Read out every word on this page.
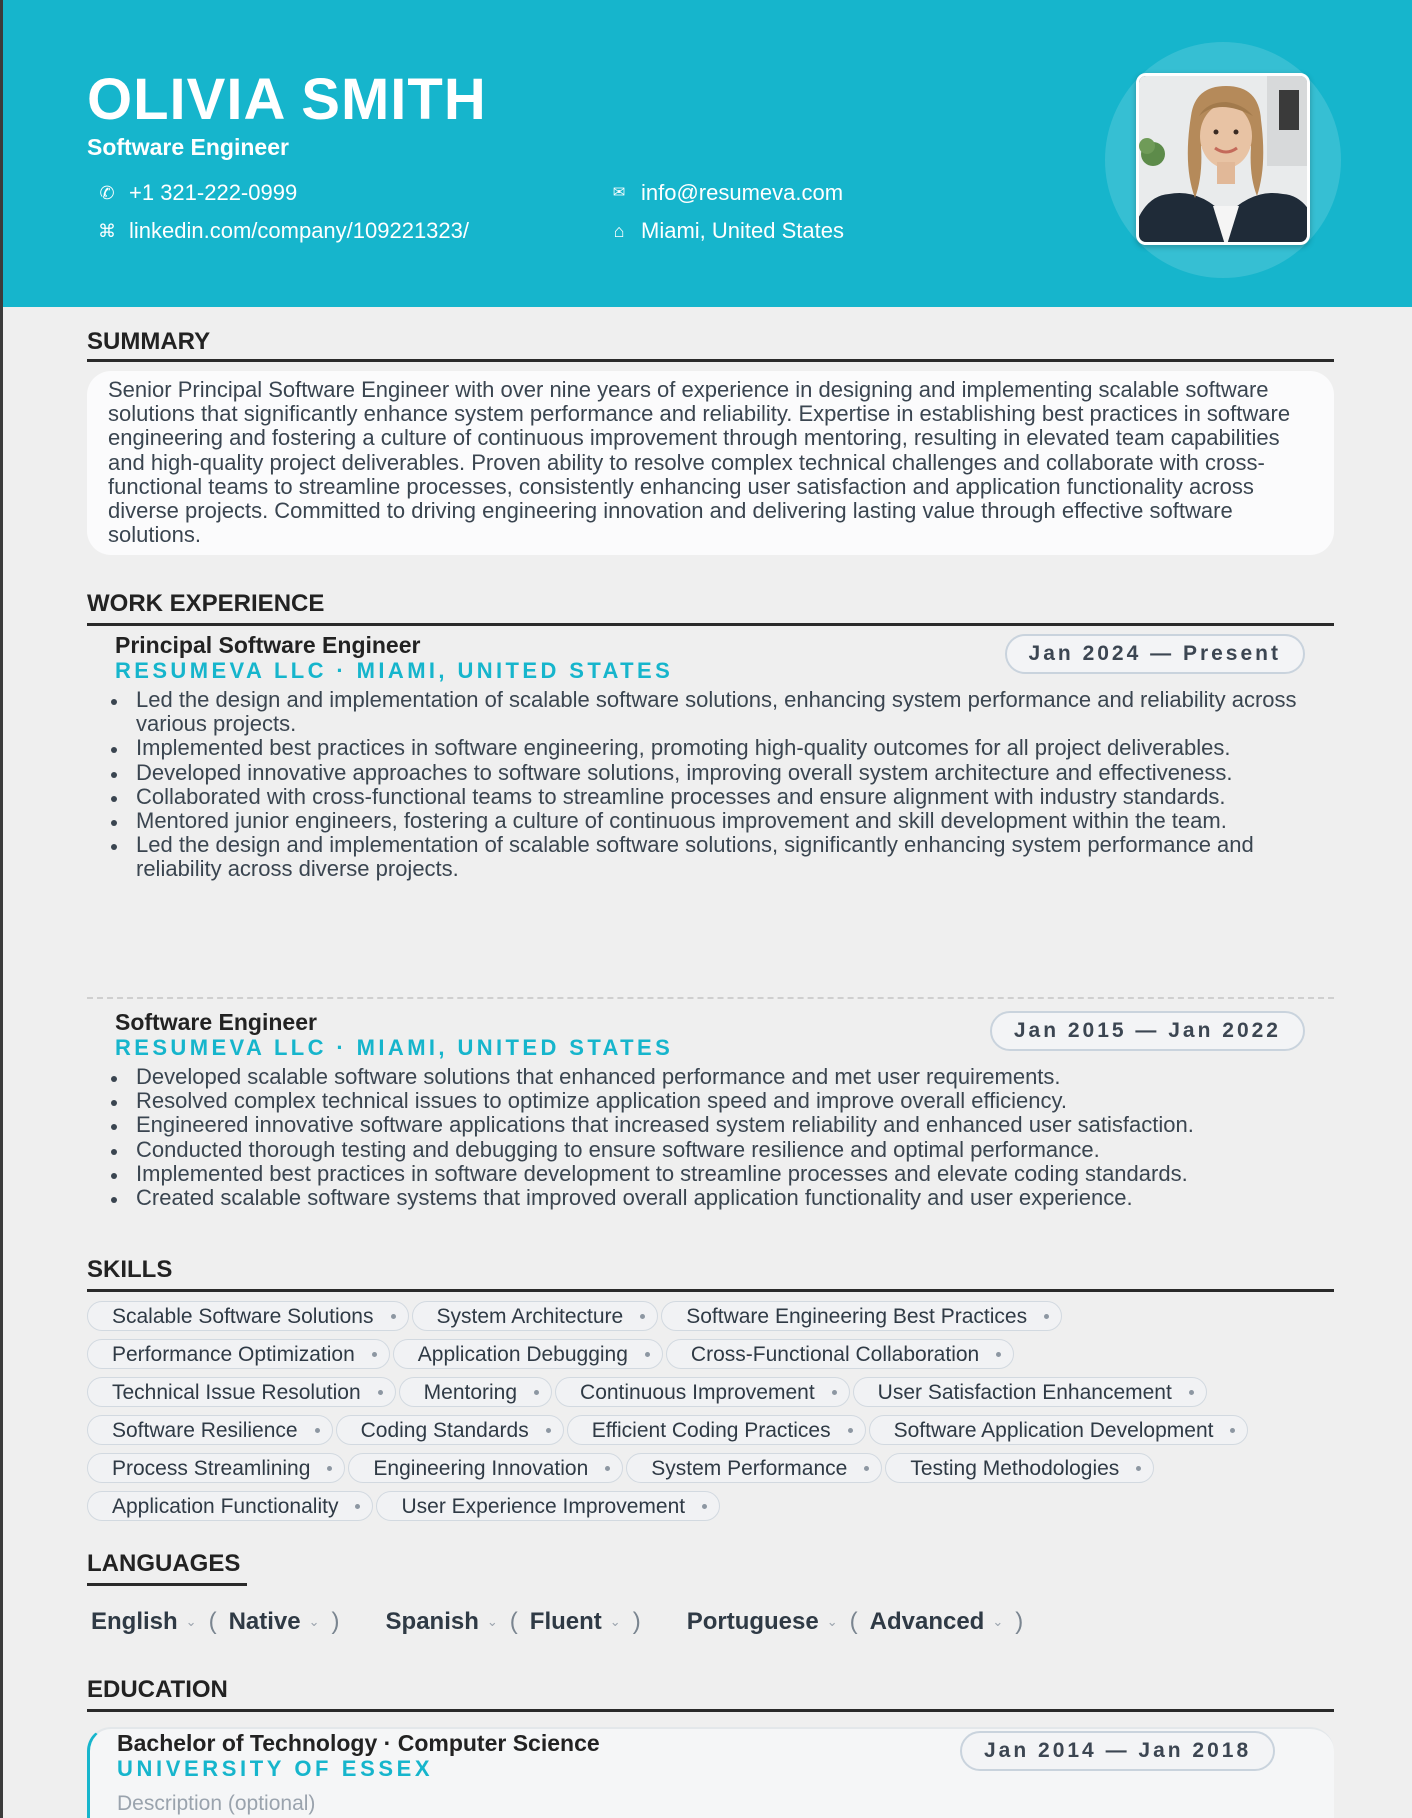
OLIVIA SMITH
Software Engineer
✆ +1 321-222-0999
⌘ linkedin.com/company/109221323/
✉ info@resumeva.com
⌂ Miami, United States
SUMMARY
Senior Principal Software Engineer with over nine years of experience in designing and implementing scalable software solutions that significantly enhance system performance and reliability. Expertise in establishing best practices in software engineering and fostering a culture of continuous improvement through mentoring, resulting in elevated team capabilities and high-quality project deliverables. Proven ability to resolve complex technical challenges and collaborate with cross-functional teams to streamline processes, consistently enhancing user satisfaction and application functionality across diverse projects. Committed to driving engineering innovation and delivering lasting value through effective software solutions.
WORK EXPERIENCE
Principal Software Engineer
RESUMEVA LLC · MIAMI, UNITED STATES
Jan 2024 — Present
Led the design and implementation of scalable software solutions, enhancing system performance and reliability across various projects.
Implemented best practices in software engineering, promoting high-quality outcomes for all project deliverables.
Developed innovative approaches to software solutions, improving overall system architecture and effectiveness.
Collaborated with cross-functional teams to streamline processes and ensure alignment with industry standards.
Mentored junior engineers, fostering a culture of continuous improvement and skill development within the team.
Led the design and implementation of scalable software solutions, significantly enhancing system performance and reliability across diverse projects.
Software Engineer
RESUMEVA LLC · MIAMI, UNITED STATES
Jan 2015 — Jan 2022
Developed scalable software solutions that enhanced performance and met user requirements.
Resolved complex technical issues to optimize application speed and improve overall efficiency.
Engineered innovative software applications that increased system reliability and enhanced user satisfaction.
Conducted thorough testing and debugging to ensure software resilience and optimal performance.
Implemented best practices in software development to streamline processes and elevate coding standards.
Created scalable software systems that improved overall application functionality and user experience.
SKILLS
Scalable Software Solutions	System Architecture	Software Engineering Best Practices
Performance Optimization	Application Debugging	Cross-Functional Collaboration
Technical Issue Resolution	Mentoring	Continuous Improvement	User Satisfaction Enhancement
Software Resilience	Coding Standards	Efficient Coding Practices	Software Application Development
Process Streamlining	Engineering Innovation	System Performance	Testing Methodologies
Application Functionality	User Experience Improvement
LANGUAGES
English ⌄ ( Native ⌄ ) Spanish ⌄ ( Fluent ⌄ ) Portuguese ⌄ ( Advanced ⌄ )
EDUCATION
Bachelor of Technology · Computer Science
UNIVERSITY OF ESSEX
Description (optional)
Jan 2014 — Jan 2018
